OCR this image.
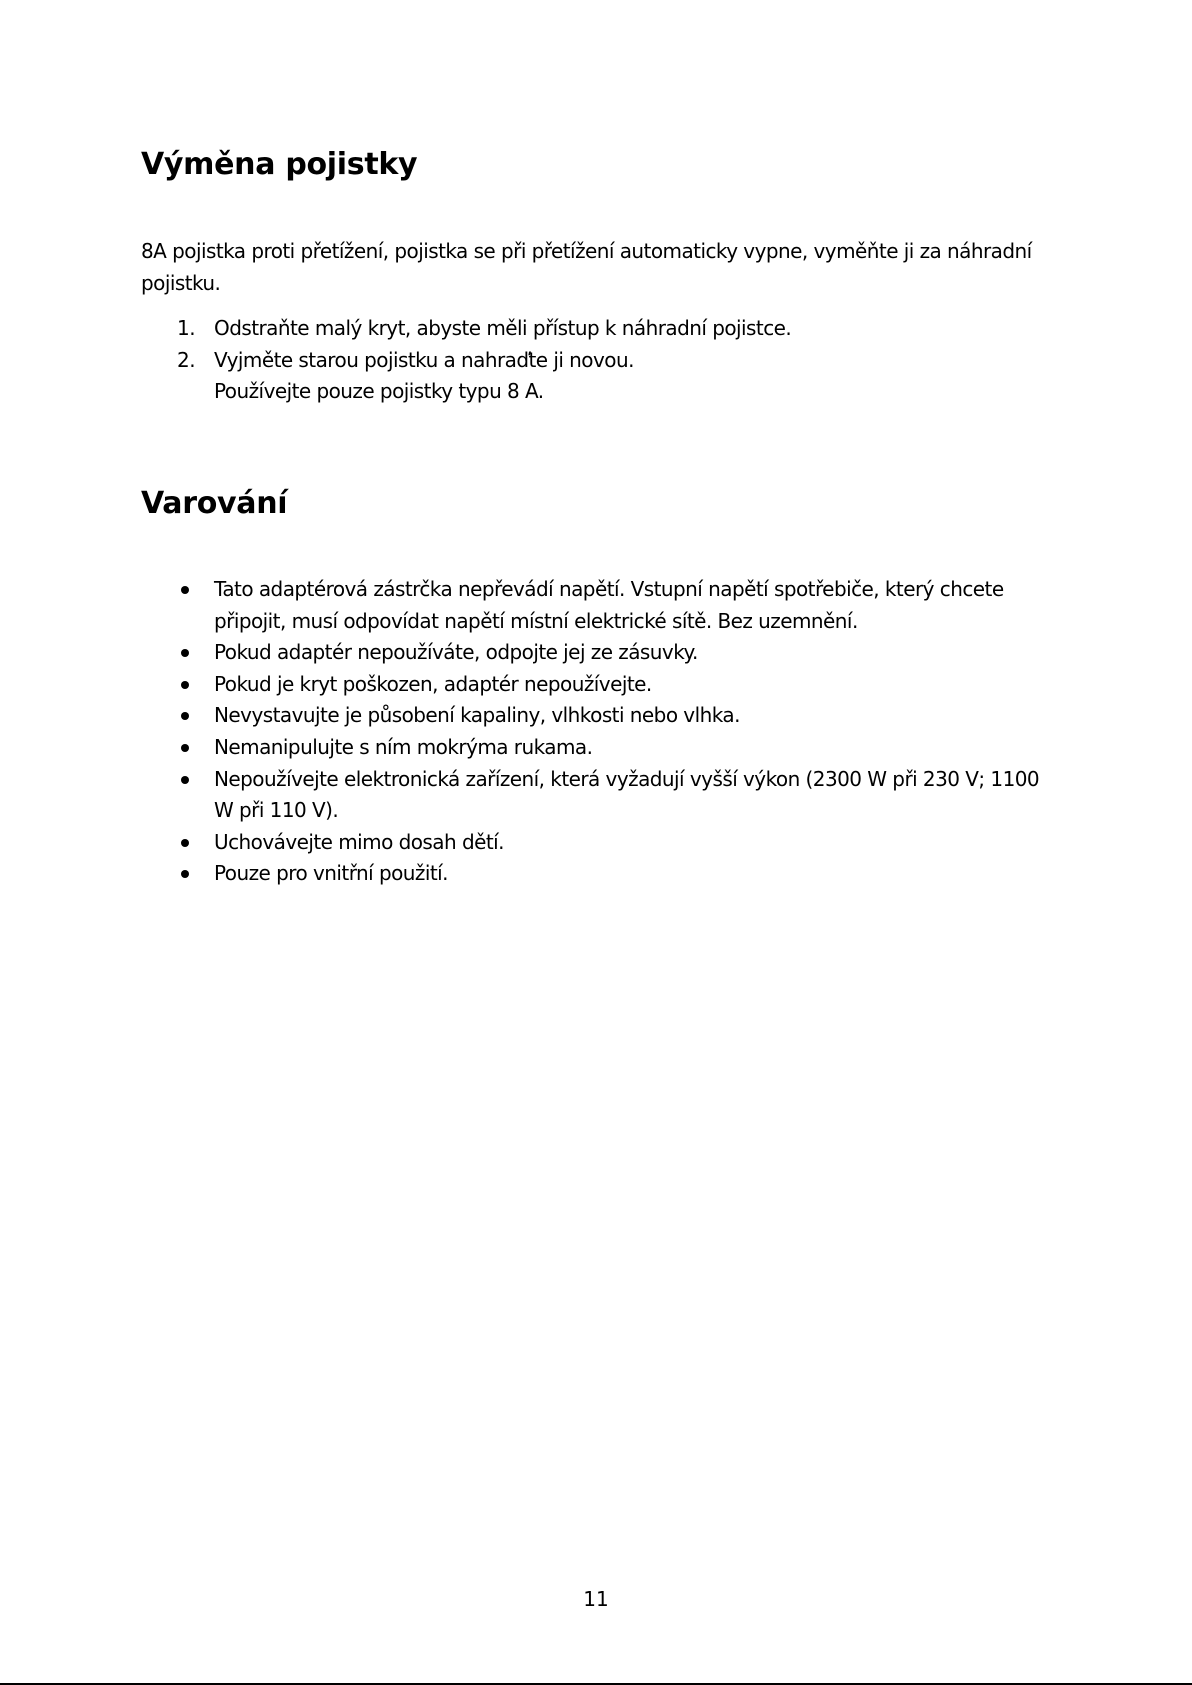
Výměna pojistky

8A pojistka proti přetížení, pojistka se při přetížení automaticky vypne, vyměňte ji za náhradní pojistku.

1. Odstraňte malý kryt, abyste měli přístup k náhradní pojistce.
2. Vyjměte starou pojistku a nahraďte ji novou.
Používejte pouze pojistky typu 8 A.
Varování
Tato adaptérová zástrčka nepřevádí napětí. Vstupní napětí spotřebiče, který chcete připojit, musí odpovídat napětí místní elektrické sítě. Bez uzemnění.
Pokud adaptér nepoužíváte, odpojte jej ze zásuvky.
Pokud je kryt poškozen, adaptér nepoužívejte.
Nevystavujte je působení kapaliny, vlhkosti nebo vlhka.
Nemanipulujte s ním mokrýma rukama.
Nepoužívejte elektronická zařízení, která vyžadují vyšší výkon (2300 W při 230 V; 1100 W při 110 V).
Uchovávejte mimo dosah dětí.
Pouze pro vnitřní použití.
11
